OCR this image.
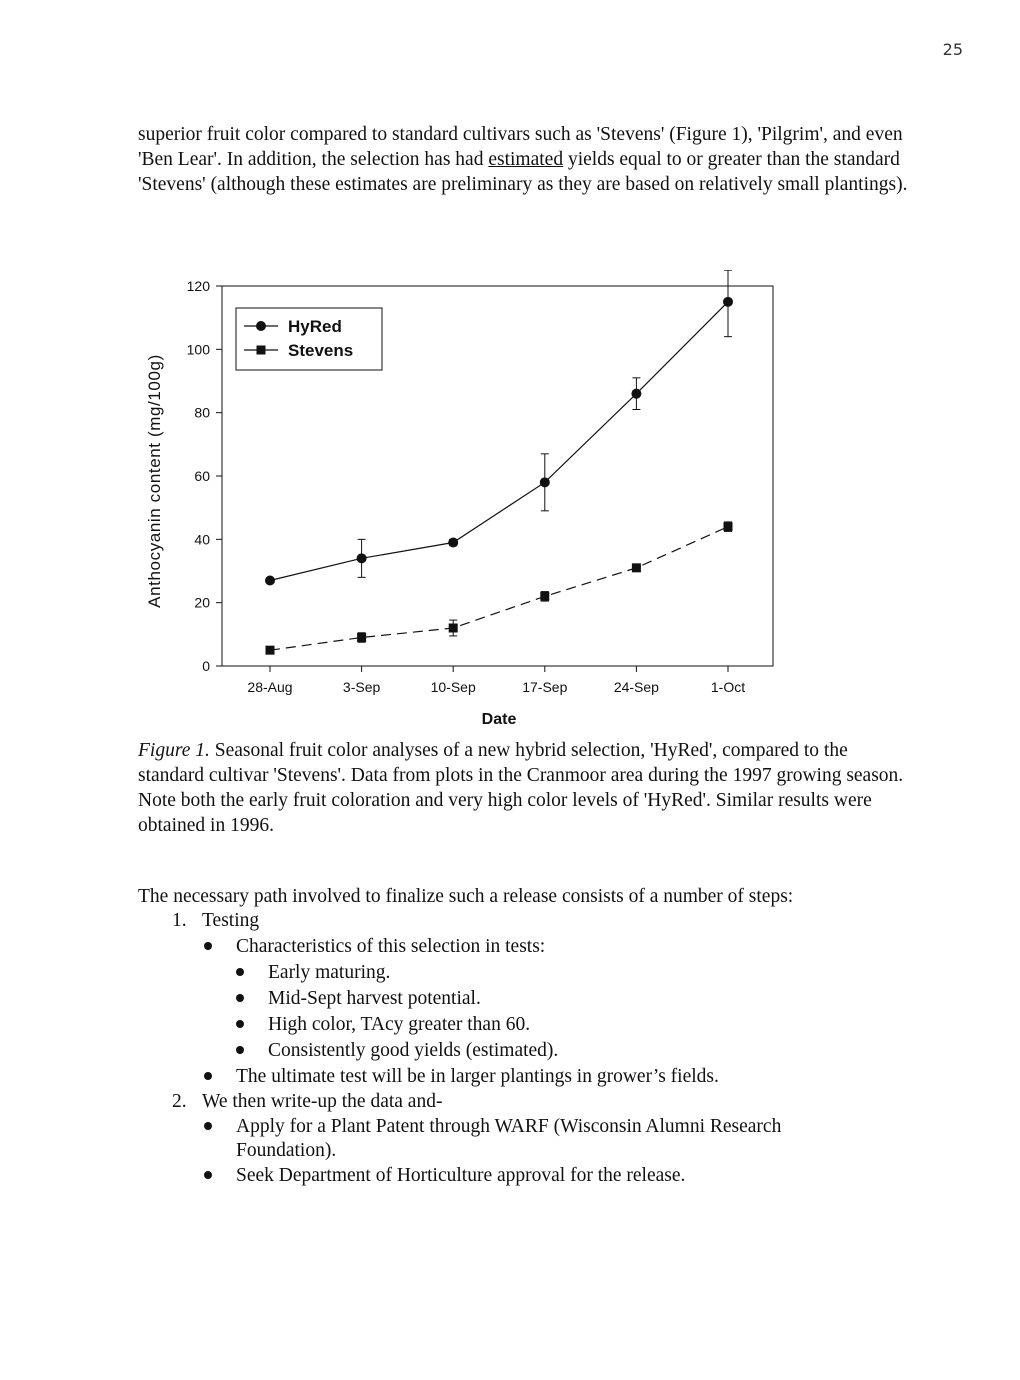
25
superior fruit color compared to standard cultivars such as 'Stevens' (Figure 1), 'Pilgrim', and even 'Ben Lear'. In addition, the selection has had estimated yields equal to or greater than the standard 'Stevens' (although these estimates are preliminary as they are based on relatively small plantings).
0
20
40
60
80
100
120
28-Aug	3-Sep	10-Sep	17-Sep	24-Sep	1-Oct
Date
Anthocyanin content (mg/100g)
HyRed
Stevens
Figure 1. Seasonal fruit color analyses of a new hybrid selection, 'HyRed', compared to the standard cultivar 'Stevens'. Data from plots in the Cranmoor area during the 1997 growing season. Note both the early fruit coloration and very high color levels of 'HyRed'. Similar results were obtained in 1996.
The necessary path involved to finalize such a release consists of a number of steps:
1. Testing
Characteristics of this selection in tests:
Early maturing.
Mid-Sept harvest potential.
High color, TAcy greater than 60.
Consistently good yields (estimated).
The ultimate test will be in larger plantings in grower’s fields.
2. We then write-up the data and-
Apply for a Plant Patent through WARF (Wisconsin Alumni Research
Foundation).
Seek Department of Horticulture approval for the release.
